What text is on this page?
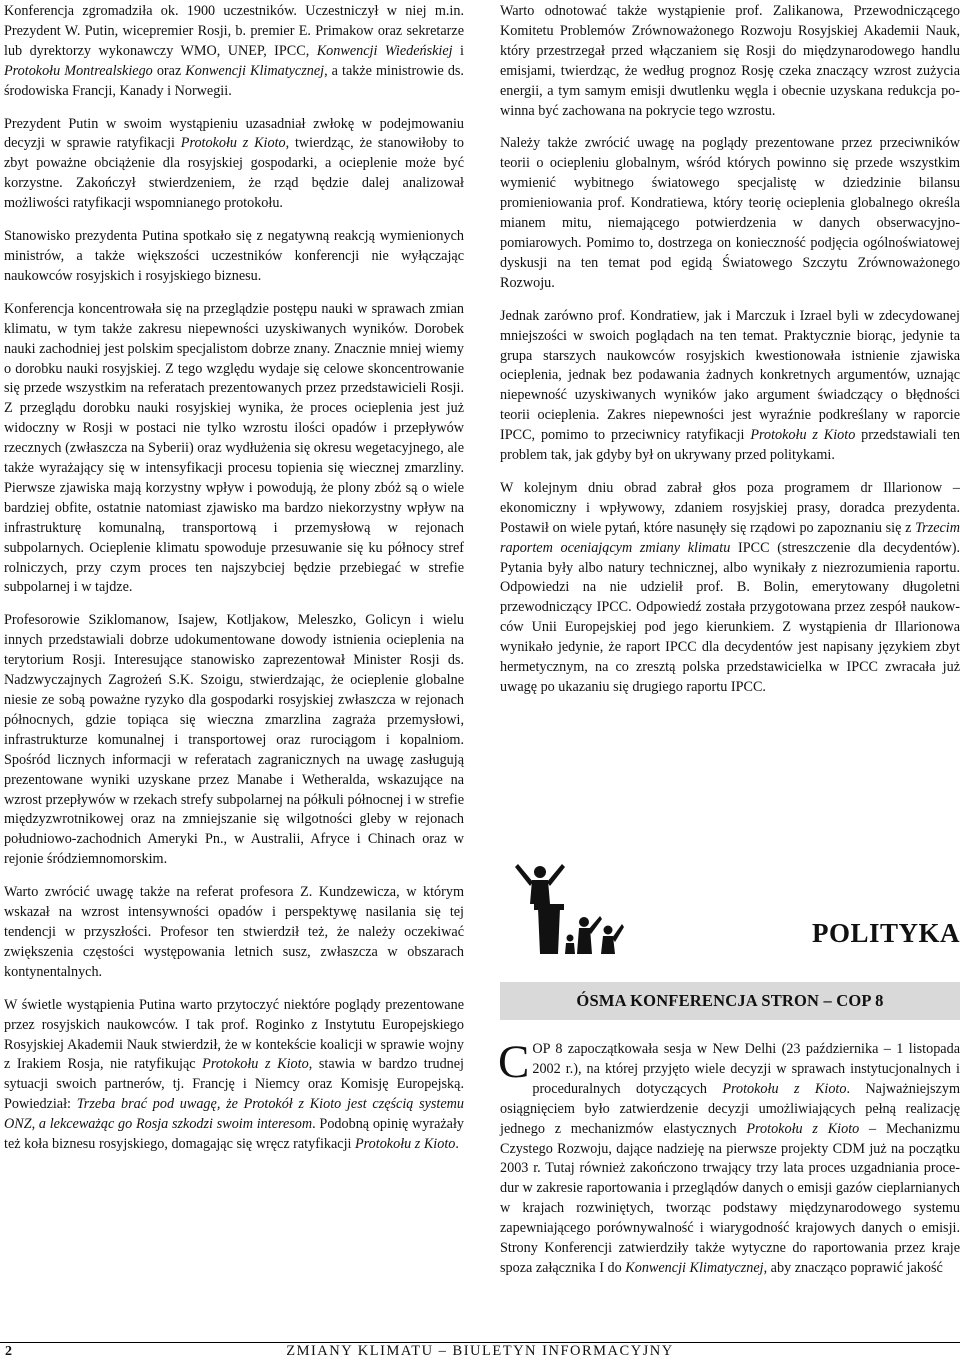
Konferencja zgromadziła ok. 1900 uczestników. Uczestniczył w niej m.in. Prezydent W. Putin, wicepremier Rosji, b. premier E. Primakow oraz sekretarze lub dyrektorzy wykonawczy WMO, UNEP, IPCC, Konwencji Wiedeńskiej i Protokołu Montrealskiego oraz Konwencji Klimatycznej, a także ministrowie ds. środowiska Francji, Kanady i Norwegii.

Prezydent Putin w swoim wystąpieniu uzasadniał zwłokę w podejmowaniu decyzji w sprawie ratyfikacji Protokołu z Kioto, twierdząc, że stanowiłoby to zbyt poważne obciążenie dla rosyjskiej gospodarki, a ocieplenie może być korzystne. Zakończył stwierdzeniem, że rząd będzie dalej analizował możliwości ratyfikacji wspomnianego protokołu.

Stanowisko prezydenta Putina spotkało się z negatywną reakcją wymienionych ministrów, a także większości uczestników konferencji nie wyłączając naukowców rosyjskich i rosyjskiego biznesu.

Konferencja koncentrowała się na przeglądzie postępu nauki w sprawach zmian klimatu, w tym także zakresu niepewności uzyskiwanych wyników. Dorobek nauki zachodniej jest polskim specjalistom dobrze znany. Znacznie mniej wiemy o dorobku nauki rosyjskiej. Z tego względu wydaje się celowe skoncentrowanie się przede wszystkim na referatach prezentowanych przez przedstawicieli Rosji. Z przeglądu dorobku nauki rosyjskiej wynika, że proces ocieplenia jest już widoczny w Rosji w postaci nie tylko wzrostu ilości opadów i przepływów rzecznych (zwłaszcza na Syberii) oraz wydłużenia się okresu wegetacyjnego, ale także wyrażający się w intensyfikacji procesu topienia się wiecznej zmarzliny. Pierwsze zjawiska mają korzystny wpływ i powodują, że plony zbóż są o wiele bardziej obfite, ostatnie natomiast zjawisko ma bardzo niekorzystny wpływ na infrastrukturę komunalną, transportową i przemysłową w rejonach subpolarnych. Ocieplenie klimatu spowoduje przesuwanie się ku północy stref rolniczych, przy czym proces ten najszybciej będzie przebiegać w strefie subpolarnej i w tajdze.

Profesorowie Sziklomanow, Isajew, Kotljakow, Meleszko, Golicyn i wielu innych przedstawiali dobrze udokumentowane dowody istnienia ocieplenia na terytorium Rosji. Interesujące stanowisko zaprezentował Minister Rosji ds. Nadzwyczajnych Zagrożeń S.K. Szoigu, stwierdzając, że ocieplenie globalne niesie ze sobą poważne ryzyko dla gospodarki rosyjskiej zwłaszcza w rejonach północnych, gdzie topiąca się wieczna zmarzlina zagraża przemysłowi, infrastrukturze komunalnej i transportowej oraz rurociągom i kopalniom. Spośród licznych informacji w referatach zagranicznych na uwagę zasługują prezentowane wyniki uzyskane przez Manabe i Wetheralda, wskazujące na wzrost przepływów w rzekach strefy subpolarnej na półkuli północnej i w strefie międzyzwrotnikowej oraz na zmniejszanie się wilgotności gleby w rejonach południowo-zachodnich Ameryki Pn., w Australii, Afryce i Chinach oraz w rejonie śródziemnomorskim.

Warto zwrócić uwagę także na referat profesora Z. Kundzewicza, w którym wskazał na wzrost intensywności opadów i perspektywę nasilania się tej tendencji w przyszłości. Profesor ten stwierdził też, że należy oczekiwać zwiększenia częstości występowania letnich susz, zwłaszcza w obszarach kontynentalnych.

W świetle wystąpienia Putina warto przytoczyć niektóre poglądy prezentowane przez rosyjskich naukowców. I tak prof. Roginko z Instytutu Europejskiego Rosyjskiej Akademii Nauk stwierdził, że w kontekście koalicji w sprawie wojny z Irakiem Rosja, nie ratyfikując Protokołu z Kioto, stawia w bardzo trudnej sytuacji swoich partnerów, tj. Francję i Niemcy oraz Komisję Europejską. Powiedział: Trzeba brać pod uwagę, że Protokół z Kioto jest częścią systemu ONZ, a lekceważąc go Rosja szkodzi swoim interesom. Podobną opinię wyrażały też koła biznesu rosyjskiego, domagając się wręcz ratyfikacji Protokołu z Kioto.

Warto odnotować także wystąpienie prof. Zalikanowa, Przewodniczącego Komitetu Problemów Zrównoważonego Rozwoju Rosyjskiej Akademii Nauk, który przestrzegał przed włączaniem się Rosji do międzynarodowego handlu emisjami, twierdząc, że według prognoz Rosję czeka znaczący wzrost zużycia energii, a tym samym emisji dwutlenku węgla i obecnie uzyskana redukcja powinna być zachowana na pokrycie tego wzrostu.

Należy także zwrócić uwagę na poglądy prezentowane przez przeciwników teorii o ociepleniu globalnym, wśród których powinno się przede wszystkim wymienić wybitnego światowego specjalistę w dziedzinie bilansu promieniowania prof. Kondratiewa, który teorię ocieplenia globalnego określa mianem mitu, niemającego potwierdzenia w danych obserwacyjno-pomiarowych. Pomimo to, dostrzega on konieczność podjęcia ogólnoświatowej dyskusji na ten temat pod egidą Światowego Szczytu Zrównoważonego Rozwoju.

Jednak zarówno prof. Kondratiew, jak i Marczuk i Izrael byli w zdecydowanej mniejszości w swoich poglądach na ten temat. Praktycznie biorąc, jedynie ta grupa starszych naukowców rosyjskich kwestionowała istnienie zjawiska ocieplenia, jednak bez podawania żadnych konkretnych argumentów, uznając niepewność uzyskiwanych wyników jako argument świadczący o błędności teorii ocieplenia. Zakres niepewności jest wyraźnie podkreślany w raporcie IPCC, pomimo to przeciwnicy ratyfikacji Protokołu z Kioto przedstawiali ten problem tak, jak gdyby był on ukrywany przed politykami.

W kolejnym dniu obrad zabrał głos poza programem dr Illarionow – ekonomiczny i wpływowy, zdaniem rosyjskiej prasy, doradca prezydenta. Postawił on wiele pytań, które nasunęły się rządowi po zapoznaniu się z Trzecim raportem oceniającym zmiany klimatu IPCC (streszczenie dla decydentów). Pytania były albo natury technicznej, albo wynikały z niezrozumienia raportu. Odpowiedzi na nie udzielił prof. B. Bolin, emerytowany długoletni przewodniczący IPCC. Odpowiedź została przygotowana przez zespół naukowców Unii Europejskiej pod jego kierunkiem. Z wystąpienia dr Illarionowa wynikało jedynie, że raport IPCC dla decydentów jest napisany językiem zbyt hermetycznym, na co zresztą polska przedstawicielka w IPCC zwracała już uwagę po ukazaniu się drugiego raportu IPCC.

POLITYKA
ÓSMA KONFERENCJA STRON – COP 8

COP 8 zapoczątkowała sesja w New Delhi (23 października – 1 listopada 2002 r.), na której przyjęto wiele decyzji w sprawach instytucjonalnych i proceduralnych dotyczących Protokołu z Kioto. Najważniejszym osiągnięciem było zatwierdzenie decyzji umożliwiających pełną realizację jednego z mechanizmów elastycznych Protokołu z Kioto – Mechanizmu Czystego Rozwoju, dające nadzieję na pierwsze projekty CDM już na początku 2003 r. Tutaj również zakończono trwający trzy lata proces uzgadniania procedur w zakresie raportowania i przeglądów danych o emisji gazów cieplarnianych w krajach rozwiniętych, tworząc podstawy międzynarodowego systemu zapewniającego porównywalność i wiarygodność krajowych danych o emisji. Strony Konferencji zatwierdziły także wytyczne do raportowania przez kraje spoza załącznika I do Konwencji Klimatycznej, aby znacząco poprawić jakość

2	ZMIANY KLIMATU – BIULETYN INFORMACYJNY
